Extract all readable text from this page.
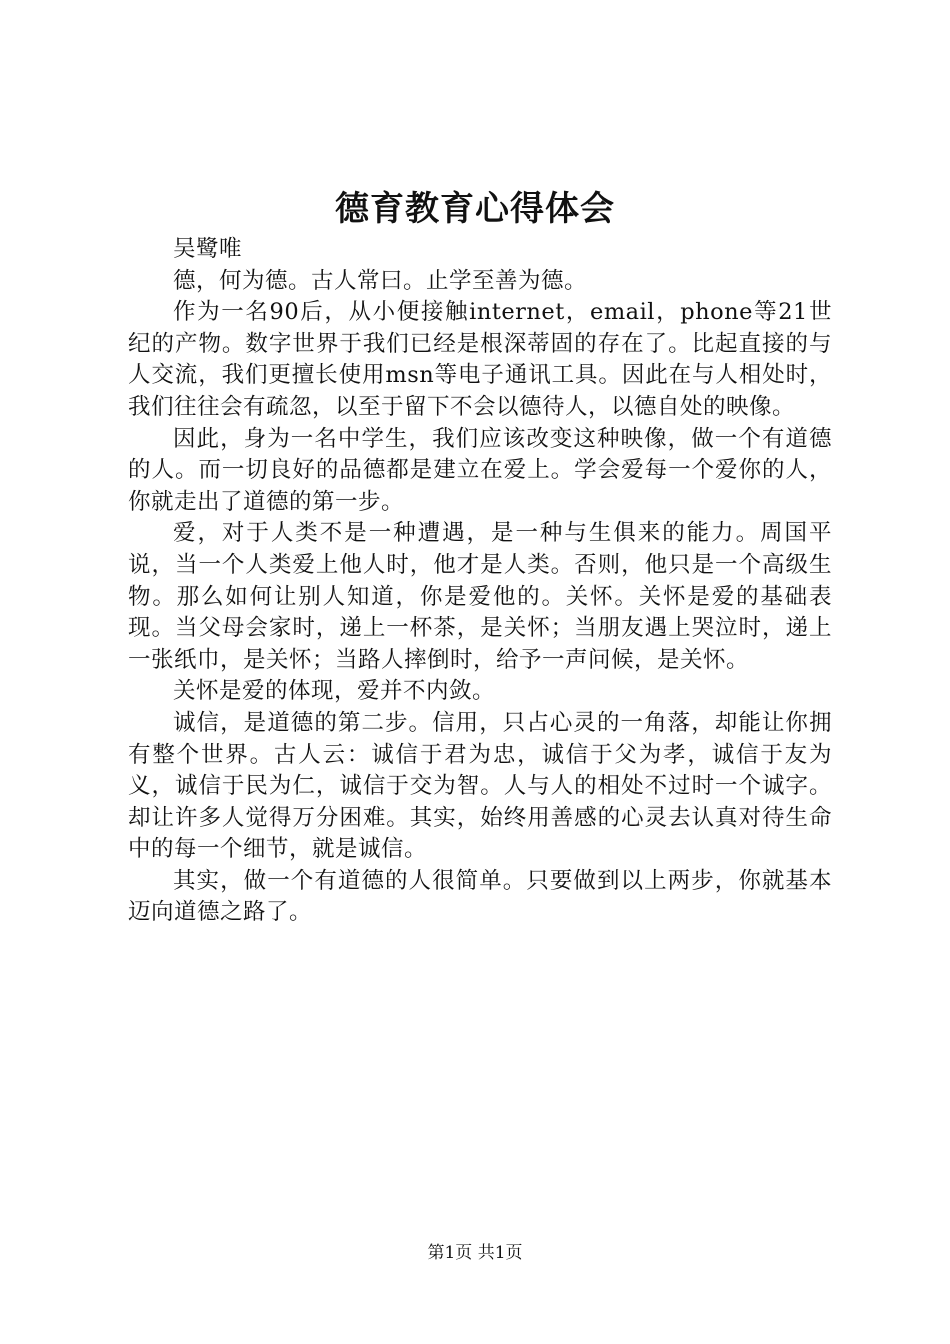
德育教育心得体会

吴鹭唯

德，何为德。古人常曰。止学至善为德。

作为一名90后，从小便接触internet，email，phone等21世纪的产物。数字世界于我们已经是根深蒂固的存在了。比起直接的与人交流，我们更擅长使用msn等电子通讯工具。因此在与人相处时，我们往往会有疏忽，以至于留下不会以德待人，以德自处的映像。

因此，身为一名中学生，我们应该改变这种映像，做一个有道德的人。而一切良好的品德都是建立在爱上。学会爱每一个爱你的人，你就走出了道德的第一步。

爱，对于人类不是一种遭遇，是一种与生俱来的能力。周国平说，当一个人类爱上他人时，他才是人类。否则，他只是一个高级生物。那么如何让别人知道，你是爱他的。关怀。关怀是爱的基础表现。当父母会家时，递上一杯茶，是关怀；当朋友遇上哭泣时，递上一张纸巾，是关怀；当路人摔倒时，给予一声问候，是关怀。

关怀是爱的体现，爱并不内敛。

诚信，是道德的第二步。信用，只占心灵的一角落，却能让你拥有整个世界。古人云：诚信于君为忠，诚信于父为孝，诚信于友为义，诚信于民为仁，诚信于交为智。人与人的相处不过时一个诚字。却让许多人觉得万分困难。其实，始终用善感的心灵去认真对待生命中的每一个细节，就是诚信。

其实，做一个有道德的人很简单。只要做到以上两步，你就基本迈向道德之路了。

第1页 共1页
